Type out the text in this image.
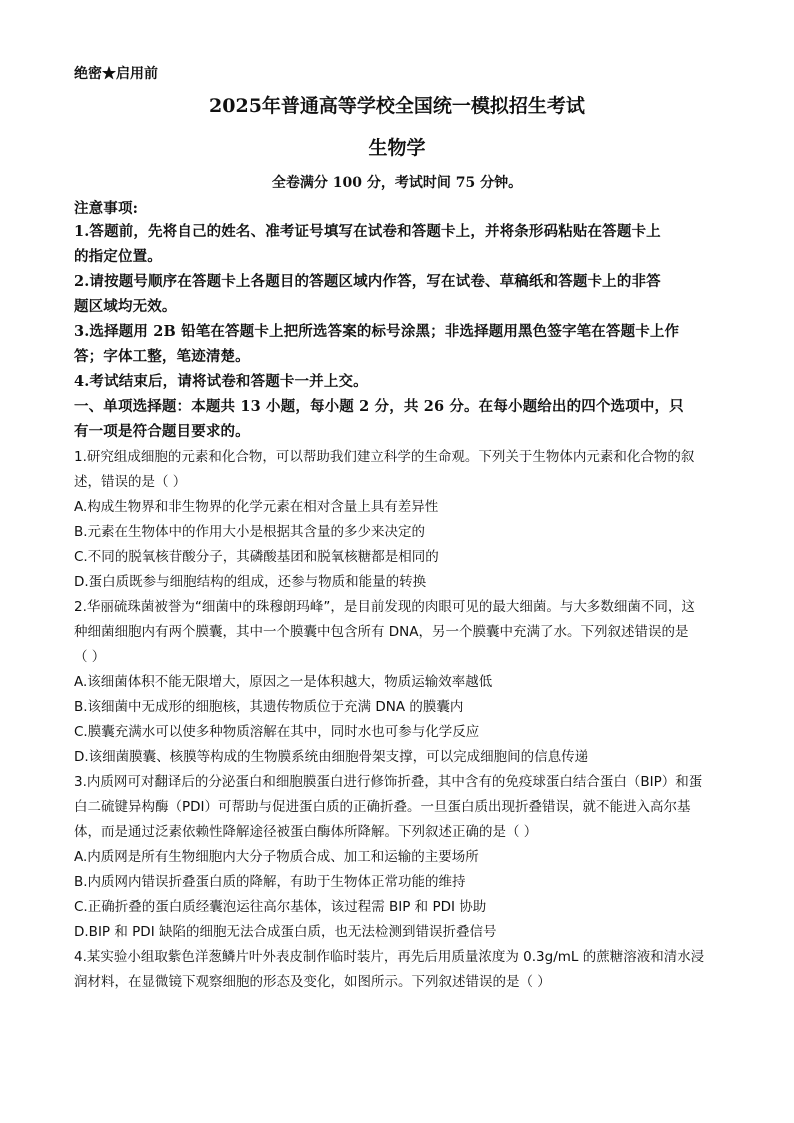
绝密★启用前
2025年普通高等学校全国统一模拟招生考试
生物学
全卷满分 100 分，考试时间 75 分钟。
注意事项:
1.答题前，先将自己的姓名、准考证号填写在试卷和答题卡上，并将条形码粘贴在答题卡上
的指定位置。
2.请按题号顺序在答题卡上各题目的答题区域内作答，写在试卷、草稿纸和答题卡上的非答
题区域均无效。
3.选择题用 2B 铅笔在答题卡上把所选答案的标号涂黑；非选择题用黑色签字笔在答题卡上作
答；字体工整，笔迹清楚。
4.考试结束后，请将试卷和答题卡一并上交。
一、单项选择题：本题共 13 小题，每小题 2 分，共 26 分。在每小题给出的四个选项中，只
有一项是符合题目要求的。
1.研究组成细胞的元素和化合物，可以帮助我们建立科学的生命观。下列关于生物体内元素和化合物的叙
述，错误的是（ ）
A.构成生物界和非生物界的化学元素在相对含量上具有差异性
B.元素在生物体中的作用大小是根据其含量的多少来决定的
C.不同的脱氧核苷酸分子，其磷酸基团和脱氧核糖都是相同的
D.蛋白质既参与细胞结构的组成，还参与物质和能量的转换
2.华丽硫珠菌被誉为“细菌中的珠穆朗玛峰”，是目前发现的肉眼可见的最大细菌。与大多数细菌不同，这
种细菌细胞内有两个膜囊，其中一个膜囊中包含所有 DNA，另一个膜囊中充满了水。下列叙述错误的是
（ ）
A.该细菌体积不能无限增大，原因之一是体积越大，物质运输效率越低
B.该细菌中无成形的细胞核，其遗传物质位于充满 DNA 的膜囊内
C.膜囊充满水可以使多种物质溶解在其中，同时水也可参与化学反应
D.该细菌膜囊、核膜等构成的生物膜系统由细胞骨架支撑，可以完成细胞间的信息传递
3.内质网可对翻译后的分泌蛋白和细胞膜蛋白进行修饰折叠，其中含有的免疫球蛋白结合蛋白（BIP）和蛋
白二硫键异构酶（PDI）可帮助与促进蛋白质的正确折叠。一旦蛋白质出现折叠错误，就不能进入高尔基
体，而是通过泛素依赖性降解途径被蛋白酶体所降解。下列叙述正确的是（ ）
A.内质网是所有生物细胞内大分子物质合成、加工和运输的主要场所
B.内质网内错误折叠蛋白质的降解，有助于生物体正常功能的维持
C.正确折叠的蛋白质经囊泡运往高尔基体，该过程需 BIP 和 PDI 协助
D.BIP 和 PDI 缺陷的细胞无法合成蛋白质，也无法检测到错误折叠信号
4.某实验小组取紫色洋葱鳞片叶外表皮制作临时装片，再先后用质量浓度为 0.3g/mL 的蔗糖溶液和清水浸
润材料，在显微镜下观察细胞的形态及变化，如图所示。下列叙述错误的是（ ）
